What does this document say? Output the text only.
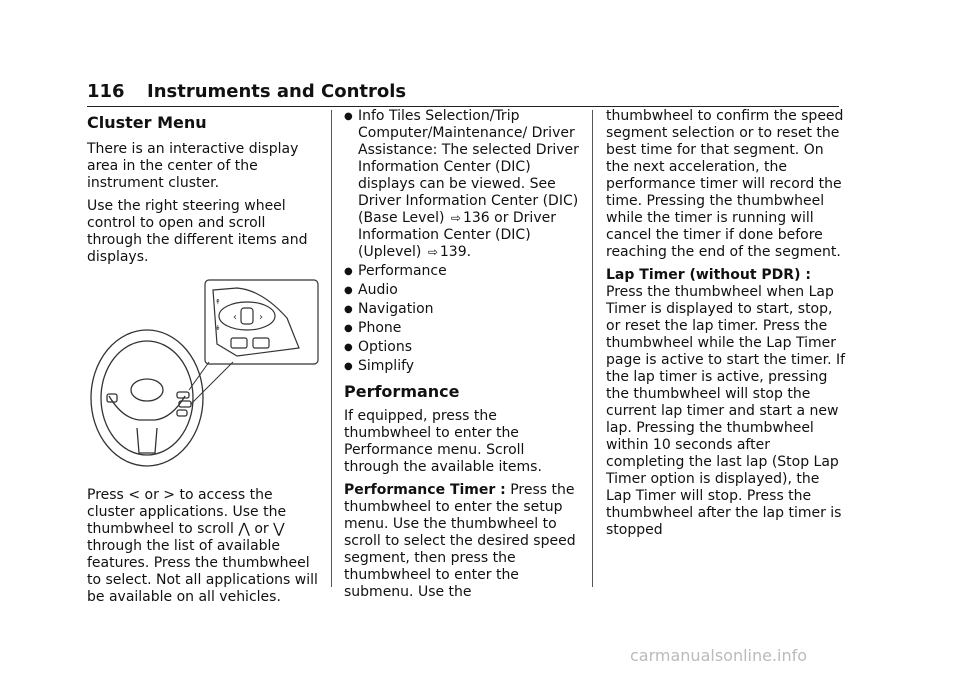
116 Instruments and Controls
Cluster Menu

There is an interactive display area in the center of the instrument cluster.

Use the right steering wheel control to open and scroll through the different items and displays.

‹ ›
↟
↡

Press < or > to access the cluster applications. Use the thumbwheel to scroll ⋀ or ⋁ through the list of available features. Press the thumbwheel to select. Not all applications will be available on all vehicles.

● Info Tiles Selection/Trip Computer/Maintenance/ Driver Assistance: The selected Driver Information Center (DIC) displays can be viewed. See Driver Information Center (DIC) (Base Level) ⇨ 136 or Driver Information Center (DIC) (Uplevel) ⇨ 139.
● Performance
● Audio
● Navigation
● Phone
● Options
● Simplify
Performance

If equipped, press the thumbwheel to enter the Performance menu. Scroll through the available items.

Performance Timer : Press the thumbwheel to enter the setup menu. Use the thumbwheel to scroll to select the desired speed segment, then press the thumbwheel to enter the submenu. Use the

thumbwheel to confirm the speed segment selection or to reset the best time for that segment. On the next acceleration, the performance timer will record the time. Pressing the thumbwheel while the timer is running will cancel the timer if done before reaching the end of the segment.

Lap Timer (without PDR) : Press the thumbwheel when Lap Timer is displayed to start, stop, or reset the lap timer. Press the thumbwheel while the Lap Timer page is active to start the timer. If the lap timer is active, pressing the thumbwheel will stop the current lap timer and start a new lap. Pressing the thumbwheel within 10 seconds after completing the last lap (Stop Lap Timer option is displayed), the Lap Timer will stop. Press the thumbwheel after the lap timer is stopped

carmanualsonline.info
